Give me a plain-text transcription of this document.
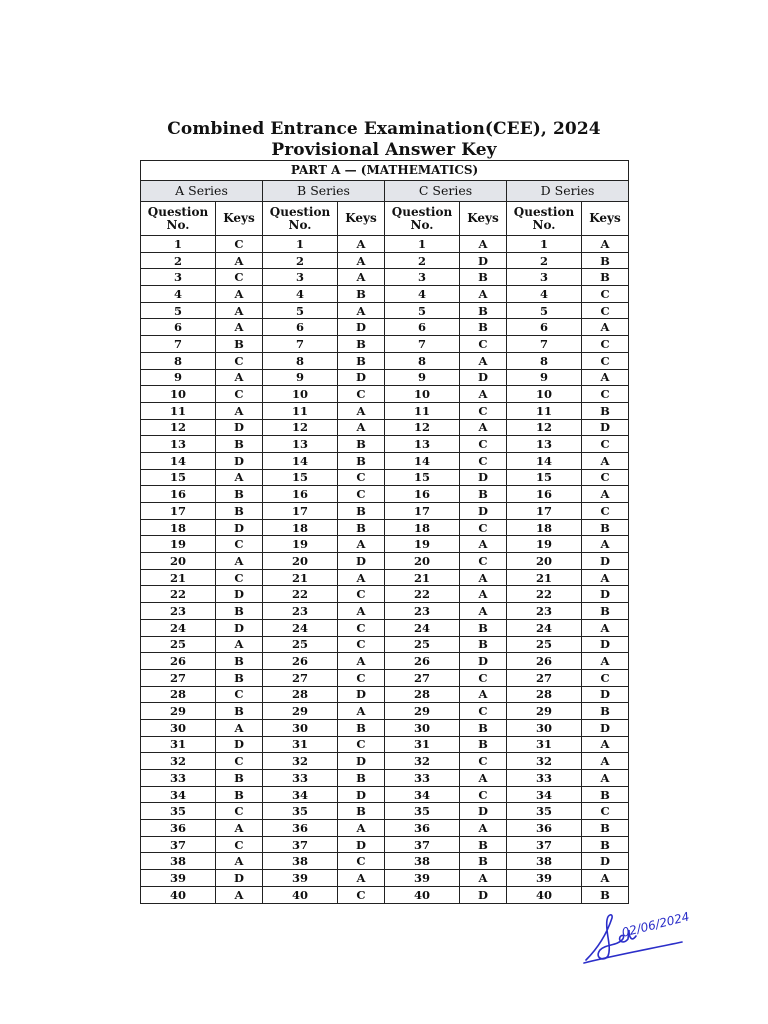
Combined Entrance Examination(CEE), 2024
Provisional Answer Key
PART A — (MATHEMATICS)							
A Series		B Series		C Series		D Series	
Question No.	Keys	Question No.	Keys	Question No.	Keys	Question No.	Keys
1	C	1	A	1	A	1	A
2	A	2	A	2	D	2	B
3	C	3	A	3	B	3	B
4	A	4	B	4	A	4	C
5	A	5	A	5	B	5	C
6	A	6	D	6	B	6	A
7	B	7	B	7	C	7	C
8	C	8	B	8	A	8	C
9	A	9	D	9	D	9	A
10	C	10	C	10	A	10	C
11	A	11	A	11	C	11	B
12	D	12	A	12	A	12	D
13	B	13	B	13	C	13	C
14	D	14	B	14	C	14	A
15	A	15	C	15	D	15	C
16	B	16	C	16	B	16	A
17	B	17	B	17	D	17	C
18	D	18	B	18	C	18	B
19	C	19	A	19	A	19	A
20	A	20	D	20	C	20	D
21	C	21	A	21	A	21	A
22	D	22	C	22	A	22	D
23	B	23	A	23	A	23	B
24	D	24	C	24	B	24	A
25	A	25	C	25	B	25	D
26	B	26	A	26	D	26	A
27	B	27	C	27	C	27	C
28	C	28	D	28	A	28	D
29	B	29	A	29	C	29	B
30	A	30	B	30	B	30	D
31	D	31	C	31	B	31	A
32	C	32	D	32	C	32	A
33	B	33	B	33	A	33	A
34	B	34	D	34	C	34	B
35	C	35	B	35	D	35	C
36	A	36	A	36	A	36	B
37	C	37	D	37	B	37	B
38	A	38	C	38	B	38	D
39	D	39	A	39	A	39	A
40	A	40	C	40	D	40	B
02/06/2024
